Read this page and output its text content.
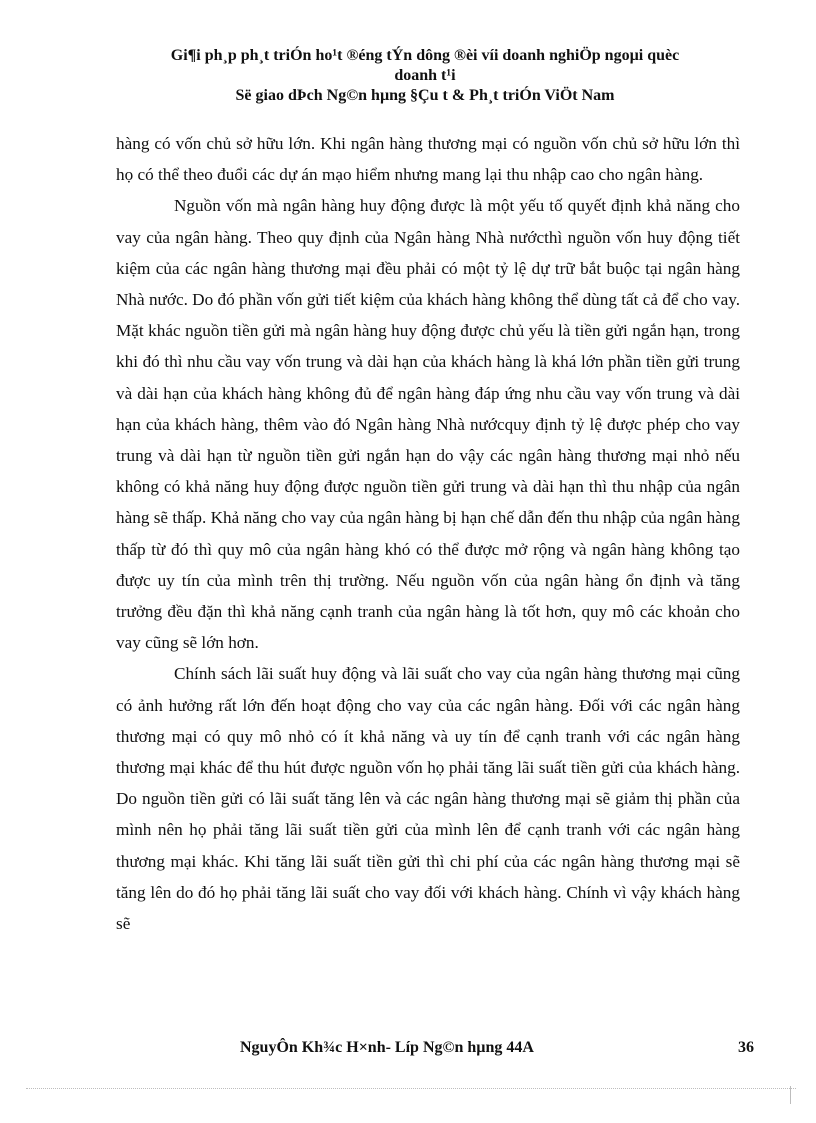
Gi¶i ph¸p ph¸t triÓn ho¹t ®éng tÝn dông ®èi víi doanh nghiÖp ngoµi quèc
doanh t¹i
Së giao dÞch Ng©n hµng §Çu t & Ph¸t triÓn ViÖt Nam

hàng có vốn chủ sở hữu lớn. Khi ngân hàng thương mại có nguồn vốn chủ sở hữu lớn thì họ có thể theo đuổi các dự án mạo hiểm nhưng mang lại thu nhập cao cho ngân hàng.

Nguồn vốn mà ngân hàng huy động được là một yếu tố quyết định khả năng cho vay của ngân hàng. Theo quy định của Ngân hàng Nhà nướcthì nguồn vốn huy động tiết kiệm của các ngân hàng thương mại đều phải có một tỷ lệ dự trữ bắt buộc tại ngân hàng Nhà nước. Do đó phần vốn gửi tiết kiệm của khách hàng không thể dùng tất cả để cho vay. Mặt khác nguồn tiền gửi mà ngân hàng huy động được chủ yếu là tiền gửi ngắn hạn, trong khi đó thì nhu cầu vay vốn trung và dài hạn của khách hàng là khá lớn phần tiền gửi trung và dài hạn của khách hàng không đủ để ngân hàng đáp ứng nhu cầu vay vốn trung và dài hạn của khách hàng, thêm vào đó Ngân hàng Nhà nướcquy định tỷ lệ được phép cho vay trung và dài hạn từ nguồn tiền gửi ngắn hạn do vậy các ngân hàng thương mại nhỏ nếu không có khả năng huy động được nguồn tiền gửi trung và dài hạn thì thu nhập của ngân hàng sẽ thấp. Khả năng cho vay của ngân hàng bị hạn chế dẫn đến thu nhập của ngân hàng thấp từ đó thì quy mô của ngân hàng khó có thể được mở rộng và ngân hàng không tạo được uy tín của mình trên thị trường. Nếu nguồn vốn của ngân hàng ổn định và tăng trưởng đều đặn thì khả năng cạnh tranh của ngân hàng là tốt hơn, quy mô các khoản cho vay cũng sẽ lớn hơn.

Chính sách lãi suất huy động và lãi suất cho vay của ngân hàng thương mại cũng có ảnh hưởng rất lớn đến hoạt động cho vay của các ngân hàng. Đối với các ngân hàng thương mại có quy mô nhỏ có ít khả năng và uy tín để cạnh tranh với các ngân hàng thương mại khác để thu hút được nguồn vốn họ phải tăng lãi suất tiền gửi của khách hàng. Do nguồn tiền gửi có lãi suất tăng lên và các ngân hàng thương mại sẽ giảm thị phần của mình nên họ phải tăng lãi suất tiền gửi của mình lên để cạnh tranh với các ngân hàng thương mại khác. Khi tăng lãi suất tiền gửi thì chi phí của các ngân hàng thương mại sẽ tăng lên do đó họ phải tăng lãi suất cho vay đối với khách hàng. Chính vì vậy khách hàng sẽ

NguyÔn Kh¾c H×nh- Líp Ng©n hµng 44A	36
